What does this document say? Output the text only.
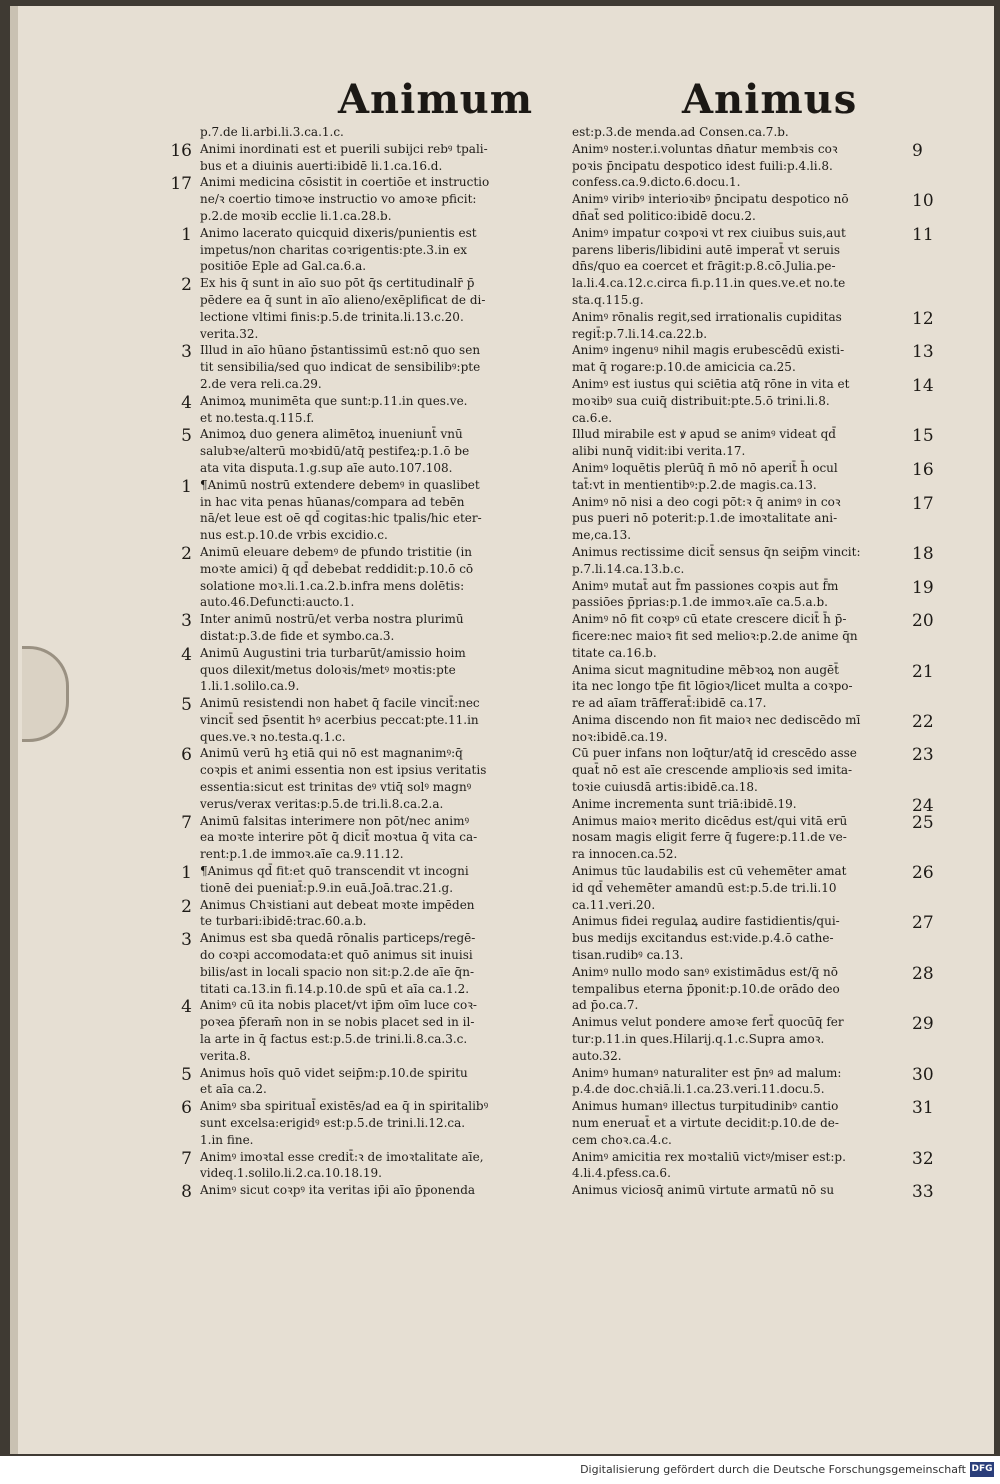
Animum	Animus
p.7.de li.arbi.li.3.ca.1.c.
16 Animi inordinati est et puerili subijci rebꝰ tpali-
bus et a diuinis auerti:ibidē li.1.ca.16.d.
17 Animi medicina cōsistit in coertiōe et instructio
ne/ꝛ coertio timoꝛe instructio vo amoꝛe pficit:
p.2.de moꝛib ecclie li.1.ca.28.b.
1 Animo lacerato quicquid dixeris/punientis est
impetus/non charitas coꝛrigentis:pte.3.in ex
positiōe Eple ad Gal.ca.6.a.
2 Ex his q̄ sunt in aīo suo pōt q̄s certitudinalr̄ p̄
pēdere ea q̄ sunt in aīo alieno/exēplificat de di-
lectione vltimi finis:p.5.de trinita.li.13.c.20.
verita.32.
3 Illud in aīo hūano p̄stantissimū est:nō quo sen
tit sensibilia/sed quo indicat de sensibilibꝰ:pte
2.de vera reli.ca.29.
4 Animoꝝ munimēta que sunt:p.11.in ques.ve.
et no.testa.q.115.f.
5 Animoꝝ duo genera alimētoꝝ inueniunt̄ vnū
salubꝛe/alterū moꝛbidū/atq̄ pestifeꝝ:p.1.ō be
ata vita disputa.1.g.sup aīe auto.107.108.
1 ¶Animū nostrū extendere debemꝰ in quaslibet
in hac vita penas hūanas/compara ad tebēn
nā/et leue est oē qd̄ cogitas:hic tpalis/hic eter-
nus est.p.10.de vrbis excidio.c.
2 Animū eleuare debemꝰ de pfundo tristitie (in
moꝛte amici) q̄ qd̄ debebat reddidit:p.10.ō cō
solatione moꝛ.li.1.ca.2.b.infra mens dolētis:
auto.46.Defuncti:aucto.1.
3 Inter animū nostrū/et verba nostra plurimū
distat:p.3.de fide et symbo.ca.3.
4 Animū Augustini tria turbarūt/amissio hoim
quos dilexit/metus doloꝛis/metꝰ moꝛtis:pte
1.li.1.solilo.ca.9.
5 Animū resistendi non habet q̄ facile vincit̄:nec
vincit̄ sed p̄sentit hꝰ acerbius peccat:pte.11.in
ques.ve.ꝛ no.testa.q.1.c.
6 Animū verū hꝫ etiā qui nō est magnanimꝰ:q̄
coꝛpis et animi essentia non est ipsius veritatis
essentia:sicut est trinitas deꝰ vtiq̄ solꝰ magnꝰ
verus/verax veritas:p.5.de tri.li.8.ca.2.a.
7 Animū falsitas interimere non pōt/nec animꝰ
ea moꝛte interire pōt q̄ dicit̄ moꝛtua q̄ vita ca-
rent:p.1.de immoꝛ.aīe ca.9.11.12.
1 ¶Animus qd̄ fit:et quō transcendit vt incogni
tionē dei pueniat̄:p.9.in euā.Joā.trac.21.g.
2 Animus Chꝛistiani aut debeat moꝛte impēden
te turbari:ibidē:trac.60.a.b.
3 Animus est sba quedā rōnalis particeps/regē-
do coꝛpi accomodata:et quō animus sit inuisi
bilis/ast in locali spacio non sit:p.2.de aīe q̄n-
titati ca.13.in fi.14.p.10.de spū et aīa ca.1.2.
4 Animꝰ cū ita nobis placet/vt ip̄m oīm luce coꝛ-
poꝛea p̄feram̄ non in se nobis placet sed in il-
la arte in q̄ factus est:p.5.de trini.li.8.ca.3.c.
verita.8.
5 Animus hoīs quō videt seip̄m:p.10.de spiritu
et aīa ca.2.
6 Animꝰ sba spiritual̄ existēs/ad ea q̄ in spiritalibꝰ
sunt excelsa:erigidꝰ est:p.5.de trini.li.12.ca.
1.in fine.
7 Animꝰ imoꝛtal esse credit̄:ꝛ de imoꝛtalitate aīe,
videq.1.solilo.li.2.ca.10.18.19.
8 Animꝰ sicut coꝛpꝰ ita veritas ip̄i aīo p̄ponenda
est:p.3.de menda.ad Consen.ca.7.b.
9
Animꝰ noster.i.voluntas dn̄atur membꝛis coꝛ
poꝛis p̄ncipatu despotico idest fuili:p.4.li.8.
confess.ca.9.dicto.6.docu.1.
10
Animꝰ viribꝰ interioꝛibꝰ p̄ncipatu despotico nō
dn̄at̄ sed politico:ibidē docu.2.
11
Animꝰ impatur coꝛpoꝛi vt rex ciuibus suis,aut
parens liberis/libidini autē imperat̄ vt seruis
dn̄s/quo ea coercet et frāgit:p.8.cō.Julia.pe-
la.li.4.ca.12.c.circa fi.p.11.in ques.ve.et no.te
sta.q.115.g.
12
Animꝰ rōnalis regit,sed irrationalis cupiditas
regit̄:p.7.li.14.ca.22.b.
13
Animꝰ ingenuꝰ nihil magis erubescēdū existi-
mat q̄ rogare:p.10.de amicicia ca.25.
14
Animꝰ est iustus qui sciētia atq̄ rōne in vita et
moꝛibꝰ sua cuiq̄ distribuit:pte.5.ō trini.li.8.
ca.6.e.
15
Illud mirabile est ꝟ apud se animꝰ videat qd̄
alibi nunq̄ vidit:ibi verita.17.
16
Animꝰ loquētis plerūq̄ n̄ mō nō aperit̄ h̄ ocul
tat̄:vt in mentientibꝰ:p.2.de magis.ca.13.
17
Animꝰ nō nisi a deo cogi pōt:ꝛ q̄ animꝰ in coꝛ
pus pueri nō poterit:p.1.de imoꝛtalitate ani-
me,ca.13.
18
Animus rectissime dicit̄ sensus q̄n seip̄m vincit:
p.7.li.14.ca.13.b.c.
19
Animꝰ mutat̄ aut f̄m passiones coꝛpis aut f̄m
passiōes p̄prias:p.1.de immoꝛ.aīe ca.5.a.b.
20
Animꝰ nō fit coꝛpꝰ cū etate crescere dicit̄ h̄ p̄-
ficere:nec maioꝛ fit sed melioꝛ:p.2.de anime q̄n
titate ca.16.b.
21
Anima sicut magnitudine mēbꝛoꝝ non augēt̄
ita nec longo tp̄e fit lōgioꝛ/licet multa a coꝛpo-
re ad aīam trāfferat̄:ibidē ca.17.
22
Anima discendo non fit maioꝛ nec dediscēdo mī
noꝛ:ibidē.ca.19.
23
Cū puer infans non loq̄tur/atq̄ id crescēdo asse
quat̄ nō est aīe crescende amplioꝛis sed imita-
toꝛie cuiusdā artis:ibidē.ca.18.
24
Anime incrementa sunt triā:ibidē.19.
25
Animus maioꝛ merito dicēdus est/qui vitā erū
nosam magis eligit ferre q̄ fugere:p.11.de ve-
ra innocen.ca.52.
26
Animus tūc laudabilis est cū vehemēter amat
id qd̄ vehemēter amandū est:p.5.de tri.li.10
ca.11.veri.20.
27
Animus fidei regulaꝝ audire fastidientis/qui-
bus medijs excitandus est:vide.p.4.ō cathe-
tisan.rudibꝰ ca.13.
28
Animꝰ nullo modo sanꝰ existimādus est/q̄ nō
tempalibus eterna p̄ponit:p.10.de orādo deo
ad p̄o.ca.7.
29
Animus velut pondere amoꝛe fert̄ quocūq̄ fer
tur:p.11.in ques.Hilarij.q.1.c.Supra amoꝛ.
auto.32.
30
Animꝰ humanꝰ naturaliter est p̄nꝰ ad malum:
p.4.de doc.chꝛiā.li.1.ca.23.veri.11.docu.5.
31
Animus humanꝰ illectus turpitudinibꝰ cantio
num eneruat̄ et a virtute decidit:p.10.de de-
cem choꝛ.ca.4.c.
32
Animꝰ amicitia rex moꝛtaliū victꝰ/miser est:p.
4.li.4.pfess.ca.6.
33
Animus viciosq̄ animū virtute armatū nō su
Digitalisierung gefördert durch die Deutsche Forschungsgemeinschaft DFG
